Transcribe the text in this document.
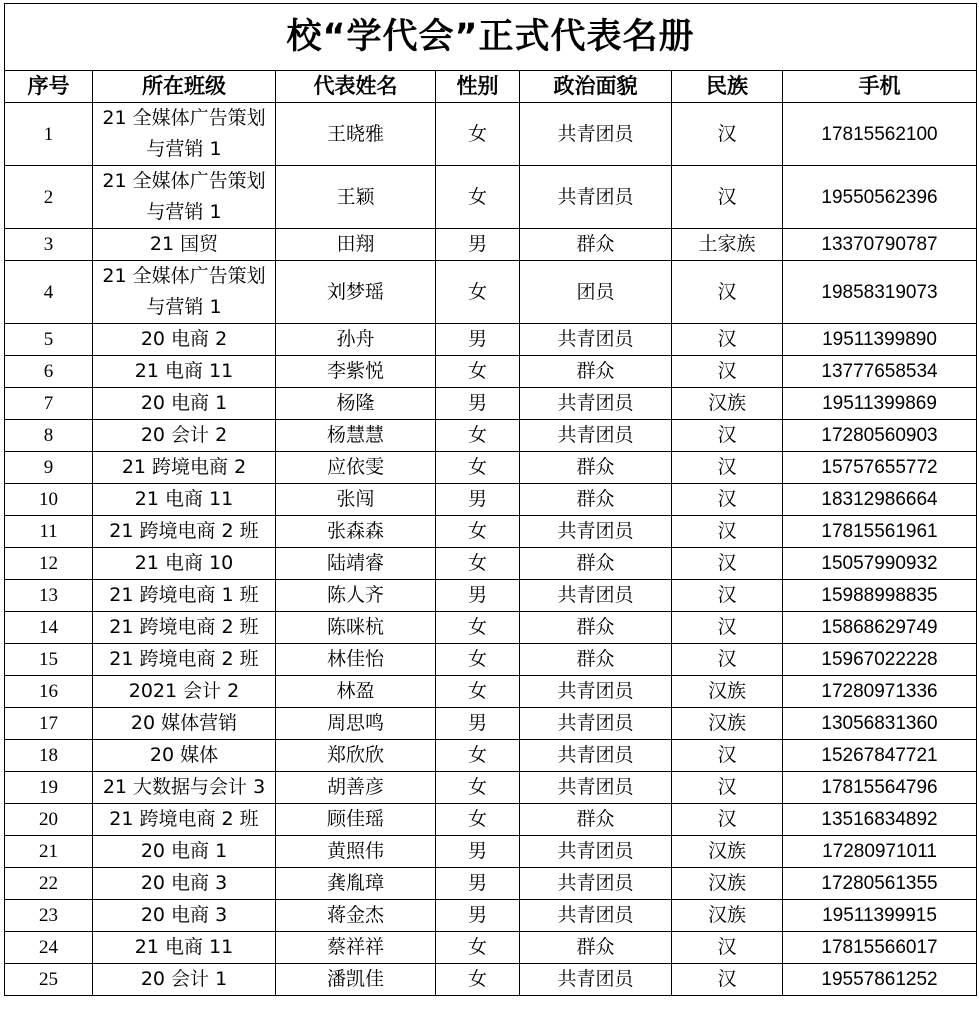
校“学代会”正式代表名册						
序号	所在班级	代表姓名	性别	政治面貌	民族	手机
1	21 全媒体广告策划与营销 1	王晓雅	女	共青团员	汉	17815562100
2	21 全媒体广告策划与营销 1	王颖	女	共青团员	汉	19550562396
3	21 国贸	田翔	男	群众	土家族	13370790787
4	21 全媒体广告策划与营销 1	刘梦瑶	女	团员	汉	19858319073
5	20 电商 2	孙舟	男	共青团员	汉	19511399890
6	21 电商 11	李紫悦	女	群众	汉	13777658534
7	20 电商 1	杨隆	男	共青团员	汉族	19511399869
8	20 会计 2	杨慧慧	女	共青团员	汉	17280560903
9	21 跨境电商 2	应依雯	女	群众	汉	15757655772
10	21 电商 11	张闯	男	群众	汉	18312986664
11	21 跨境电商 2 班	张森森	女	共青团员	汉	17815561961
12	21 电商 10	陆靖睿	女	群众	汉	15057990932
13	21 跨境电商 1 班	陈人齐	男	共青团员	汉	15988998835
14	21 跨境电商 2 班	陈咪杭	女	群众	汉	15868629749
15	21 跨境电商 2 班	林佳怡	女	群众	汉	15967022228
16	2021 会计 2	林盈	女	共青团员	汉族	17280971336
17	20 媒体营销	周思鸣	男	共青团员	汉族	13056831360
18	20 媒体	郑欣欣	女	共青团员	汉	15267847721
19	21 大数据与会计 3	胡善彦	女	共青团员	汉	17815564796
20	21 跨境电商 2 班	顾佳瑶	女	群众	汉	13516834892
21	20 电商 1	黄照伟	男	共青团员	汉族	17280971011
22	20 电商 3	龚胤璋	男	共青团员	汉族	17280561355
23	20 电商 3	蒋金杰	男	共青团员	汉族	19511399915
24	21 电商 11	蔡祥祥	女	群众	汉	17815566017
25	20 会计 1	潘凯佳	女	共青团员	汉	19557861252
